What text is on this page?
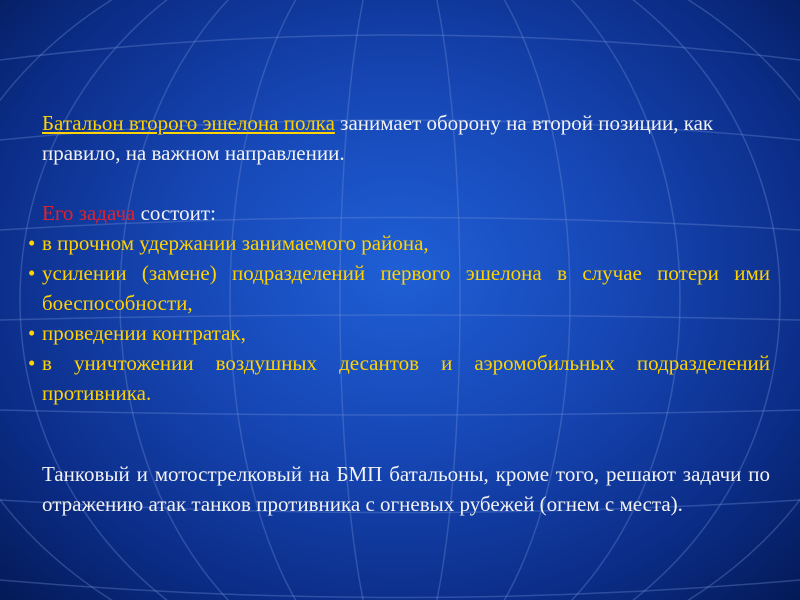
Батальон второго эшелона полка занимает оборону на второй позиции, как правило, на важном направлении.

Его задача состоит:

• в прочном удержании занимаемого района,
• усилении (замене) подразделений первого эшелона в случае потери ими боеспособности,
• проведении контратак,
• в уничтожении воздушных десантов и аэромобильных подразделений противника.

Танковый и мотострелковый на БМП батальоны, кроме того, решают задачи по отражению атак танков противника с огневых рубежей (огнем с места).
